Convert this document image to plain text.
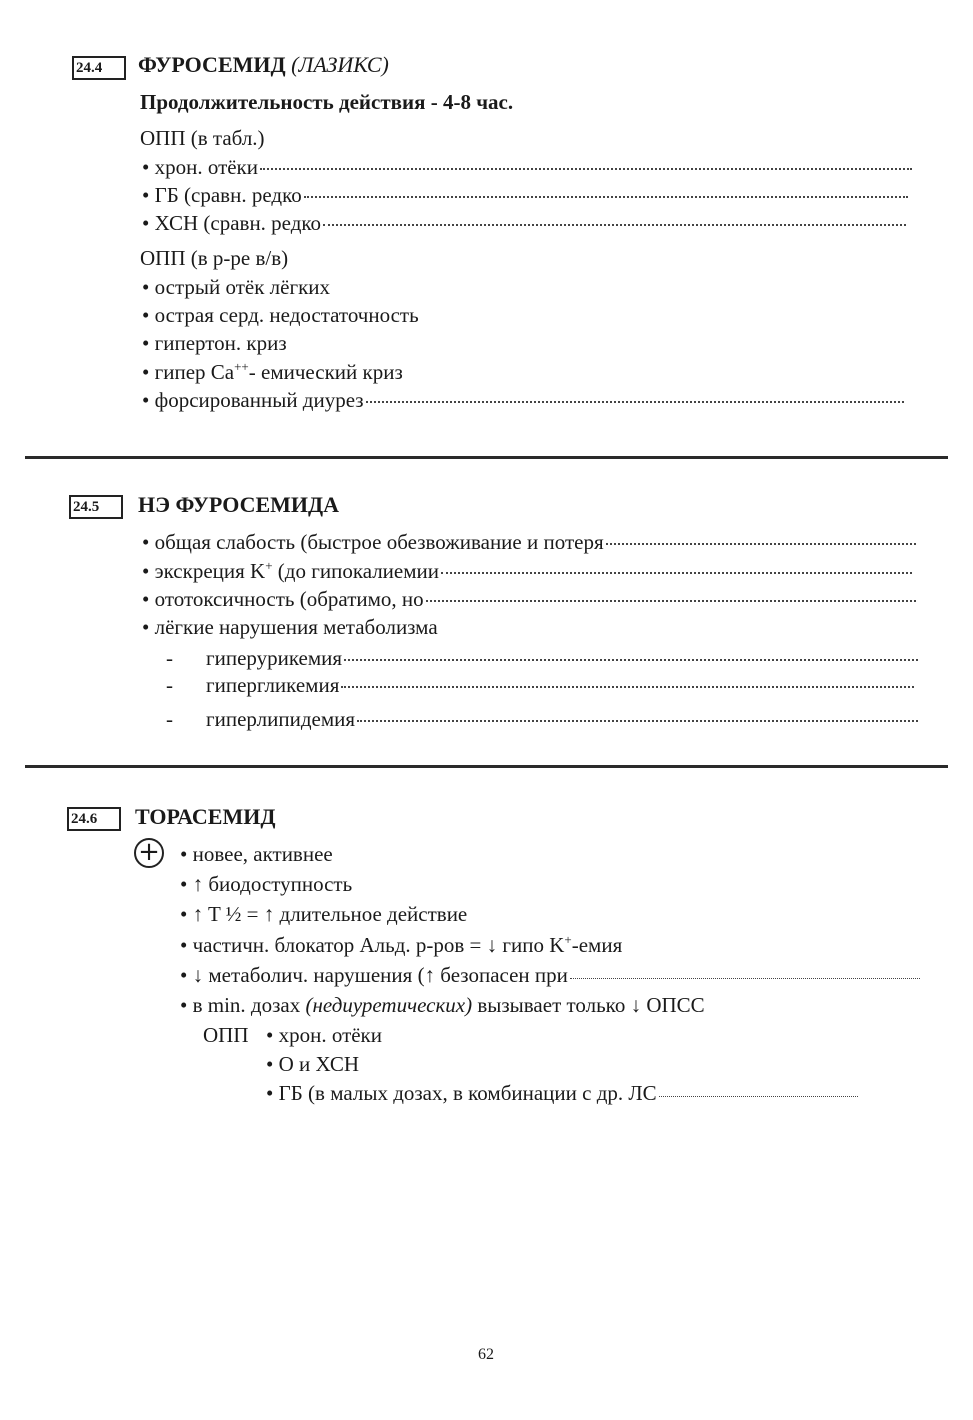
24.4	ФУРОСЕМИД (ЛАЗИКС)
Продолжительность действия - 4-8 час.
ОПП (в табл.)
• хрон. отёки
• ГБ (сравн. редко
• ХСН (сравн. редко
ОПП (в р-ре в/в)
• острый отёк лёгких
• острая серд. недостаточность
• гипертон. криз
• гипер Ca++- емический криз
• форсированный диурез
24.5	НЭ ФУРОСЕМИДА
• общая слабость (быстрое обезвоживание и потеря
• экскреция K+ (до гипокалиемии
• ототоксичность (обратимо, но
• лёгкие нарушения метаболизма
-	гиперурикемия
-	гипергликемия
-	гиперлипидемия
24.6	ТОРАСЕМИД
+ • новее, активнее
• ↑ биодоступность
• ↑ T ½ = ↑ длительное действие
• частичн. блокатор Альд. р-ров = ↓ гипо K+-емия
• ↓ метаболич. нарушения (↑ безопасен при
• в min. дозах (недиуретических) вызывает только ↓ ОПСС
ОПП • хрон. отёки
• О и ХСН
• ГБ (в малых дозах, в комбинации с др. ЛС
62
